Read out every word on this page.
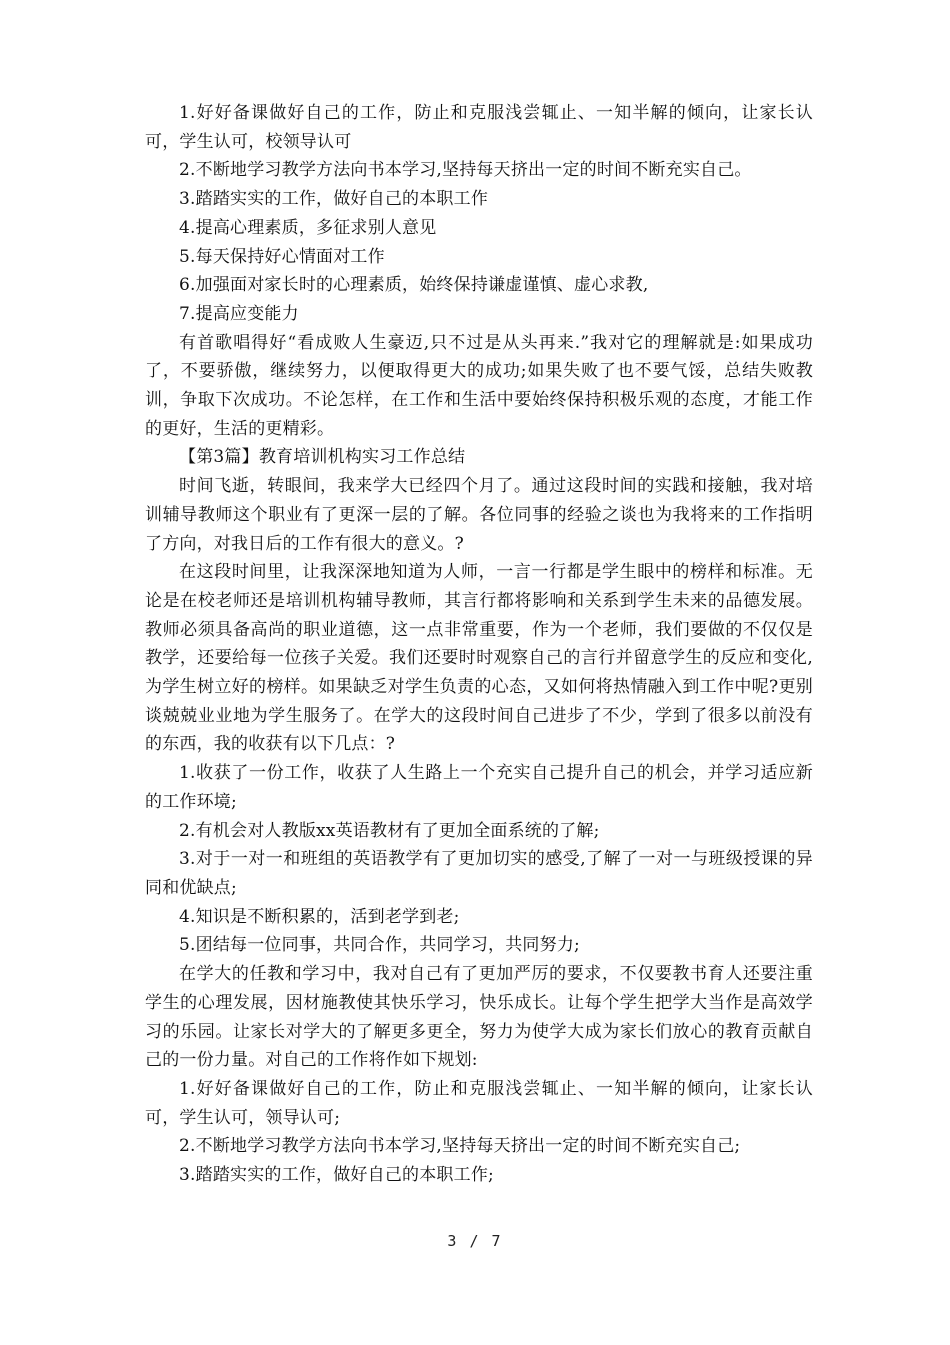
1.好好备课做好自己的工作，防止和克服浅尝辄止、一知半解的倾向，让家长认可，学生认可，校领导认可

2.不断地学习教学方法向书本学习,坚持每天挤出一定的时间不断充实自己。

3.踏踏实实的工作，做好自己的本职工作

4.提高心理素质，多征求别人意见

5.每天保持好心情面对工作

6.加强面对家长时的心理素质，始终保持谦虚谨慎、虚心求教,

7.提高应变能力

有首歌唱得好“看成败人生豪迈,只不过是从头再来.”我对它的理解就是:如果成功了，不要骄傲，继续努力，以便取得更大的成功;如果失败了也不要气馁，总结失败教训，争取下次成功。不论怎样，在工作和生活中要始终保持积极乐观的态度，才能工作的更好，生活的更精彩。

【第3篇】教育培训机构实习工作总结

时间飞逝，转眼间，我来学大已经四个月了。通过这段时间的实践和接触，我对培训辅导教师这个职业有了更深一层的了解。各位同事的经验之谈也为我将来的工作指明了方向，对我日后的工作有很大的意义。?

在这段时间里，让我深深地知道为人师，一言一行都是学生眼中的榜样和标准。无论是在校老师还是培训机构辅导教师，其言行都将影响和关系到学生未来的品德发展。教师必须具备高尚的职业道德，这一点非常重要，作为一个老师，我们要做的不仅仅是教学，还要给每一位孩子关爱。我们还要时时观察自己的言行并留意学生的反应和变化,为学生树立好的榜样。如果缺乏对学生负责的心态，又如何将热情融入到工作中呢?更别谈兢兢业业地为学生服务了。在学大的这段时间自己进步了不少，学到了很多以前没有的东西，我的收获有以下几点：?

1.收获了一份工作，收获了人生路上一个充实自己提升自己的机会，并学习适应新的工作环境;

2.有机会对人教版xx英语教材有了更加全面系统的了解;

3.对于一对一和班组的英语教学有了更加切实的感受,了解了一对一与班级授课的异同和优缺点;

4.知识是不断积累的，活到老学到老;

5.团结每一位同事，共同合作，共同学习，共同努力;

在学大的任教和学习中，我对自己有了更加严厉的要求，不仅要教书育人还要注重学生的心理发展，因材施教使其快乐学习，快乐成长。让每个学生把学大当作是高效学习的乐园。让家长对学大的了解更多更全，努力为使学大成为家长们放心的教育贡献自己的一份力量。对自己的工作将作如下规划:

1.好好备课做好自己的工作，防止和克服浅尝辄止、一知半解的倾向，让家长认可，学生认可，领导认可;

2.不断地学习教学方法向书本学习,坚持每天挤出一定的时间不断充实自己;

3.踏踏实实的工作，做好自己的本职工作;

3 / 7
